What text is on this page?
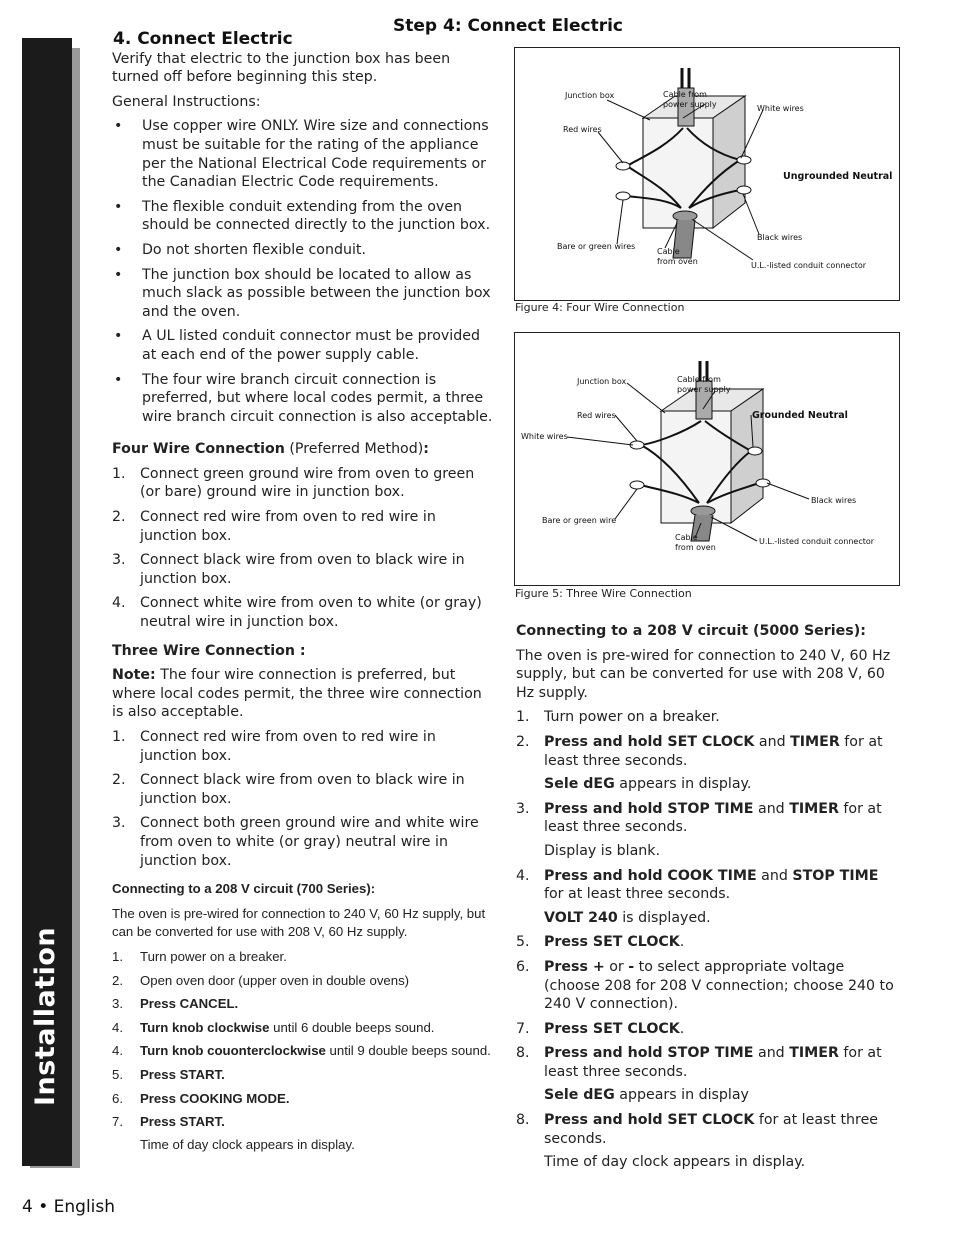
Installation
Step 4: Connect Electric
4. Connect Electric

Verify that electric to the junction box has been turned off before beginning this step.

General Instructions:

• Use copper wire ONLY. Wire size and connections must be suitable for the rating of the appliance per the National Electrical Code requirements or the Canadian Electric Code requirements.
• The flexible conduit extending from the oven should be connected directly to the junction box.
• Do not shorten flexible conduit.
• The junction box should be located to allow as much slack as possible between the junction box and the oven.
• A UL listed conduit connector must be provided at each end of the power supply cable.
• The four wire branch circuit connection is preferred, but where local codes permit, a three wire branch circuit connection is also acceptable.

Four Wire Connection (Preferred Method):

1. Connect green ground wire from oven to green (or bare) ground wire in junction box.
2. Connect red wire from oven to red wire in junction box.
3. Connect black wire from oven to black wire in junction box.
4. Connect white wire from oven to white (or gray) neutral wire in junction box.

Three Wire Connection :

Note: The four wire connection is preferred, but where local codes permit, the three wire connection is also acceptable.

1. Connect red wire from oven to red wire in junction box.
2. Connect black wire from oven to black wire in junction box.
3. Connect both green ground wire and white wire from oven to white (or gray) neutral wire in junction box.

Connecting to a 208 V circuit (700 Series):

The oven is pre-wired for connection to 240 V, 60 Hz supply, but can be converted for use with 208 V, 60 Hz supply.

1. Turn power on a breaker.
2. Open oven door (upper oven in double ovens)
3. Press CANCEL.
4. Turn knob clockwise until 6 double beeps sound.
4. Turn knob couonterclockwise until 9 double beeps sound.
5. Press START.
6. Press COOKING MODE.
7. Press START.

Time of day clock appears in display.

Junction box	Cable from
power supply	White wires
Red wires
Ungrounded Neutral
Bare or green wires
Cable
from oven
Black wires
U.L.-listed conduit connector
Figure 4: Four Wire Connection
Junction box	Cable from
power supply
Red wires	Grounded Neutral
White wires
Black wires
Bare or green wire
Cable
from oven
U.L.-listed conduit connector
Figure 5: Three Wire Connection

Connecting to a 208 V circuit (5000 Series):

The oven is pre-wired for connection to 240 V, 60 Hz supply, but can be converted for use with 208 V, 60 Hz supply.

1. Turn power on a breaker.
2. Press and hold SET CLOCK and TIMER for at least three seconds.

Sele dEG appears in display.

3. Press and hold STOP TIME and TIMER for at least three seconds.

Display is blank.

4. Press and hold COOK TIME and STOP TIME for at least three seconds.

VOLT 240 is displayed.

5. Press SET CLOCK.
6. Press + or - to select appropriate voltage (choose 208 for 208 V connection; choose 240 to 240 V connection).
7. Press SET CLOCK.
8. Press and hold STOP TIME and TIMER for at least three seconds.

Sele dEG appears in display

8. Press and hold SET CLOCK for at least three seconds.

Time of day clock appears in display.

4 • English
